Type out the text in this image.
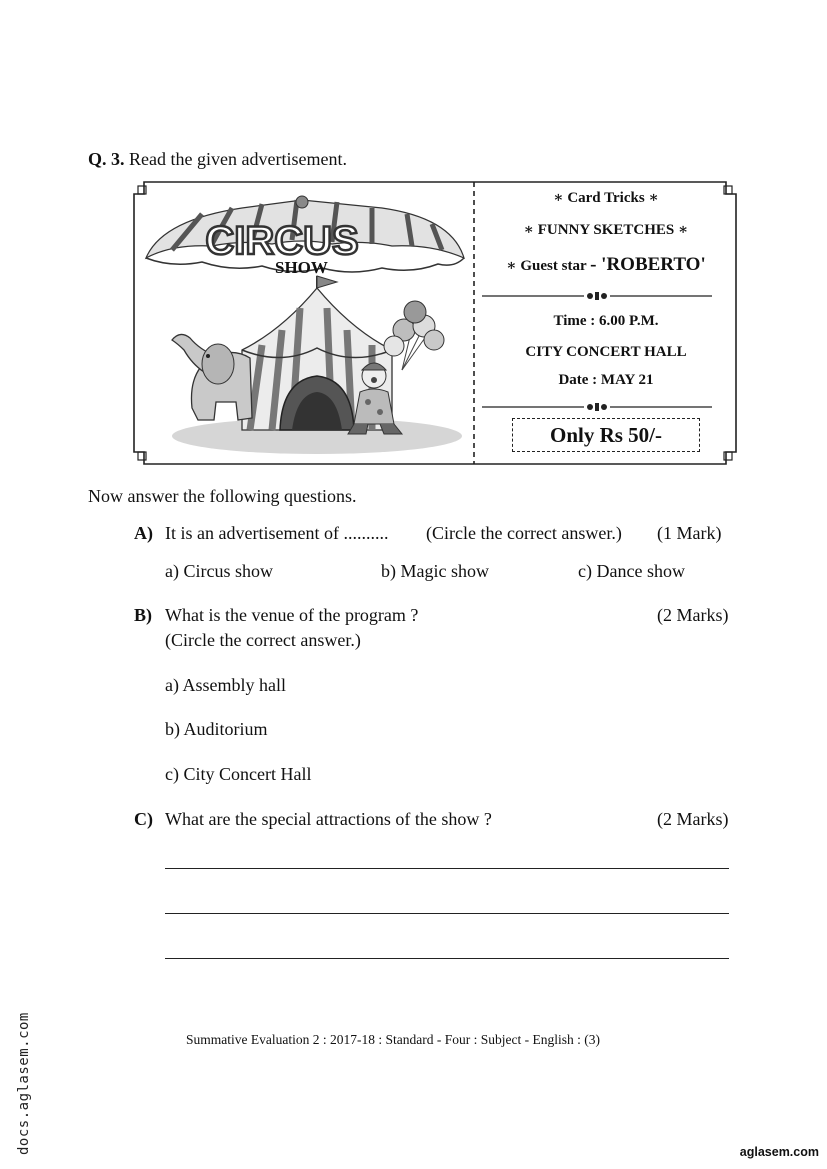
Q. 3. Read the given advertisement.
CIRCUS
SHOW
∗ Card Tricks ∗
∗ FUNNY SKETCHES ∗
∗ Guest star - 'ROBERTO'
Time : 6.00 P.M.
CITY CONCERT HALL
Date : MAY 21
Only Rs 50/-
Now answer the following questions.
A) It is an advertisement of .......... (Circle the correct answer.) (1 Mark)
a) Circus show	b) Magic show	c) Dance show
B) What is the venue of the program ?	(2 Marks)
(Circle the correct answer.)
a) Assembly hall
b) Auditorium
c) City Concert Hall
C) What are the special attractions of the show ?	(2 Marks)
Summative Evaluation 2 : 2017-18 : Standard - Four : Subject - English : (3)
docs.aglasem.com	aglasem.com
